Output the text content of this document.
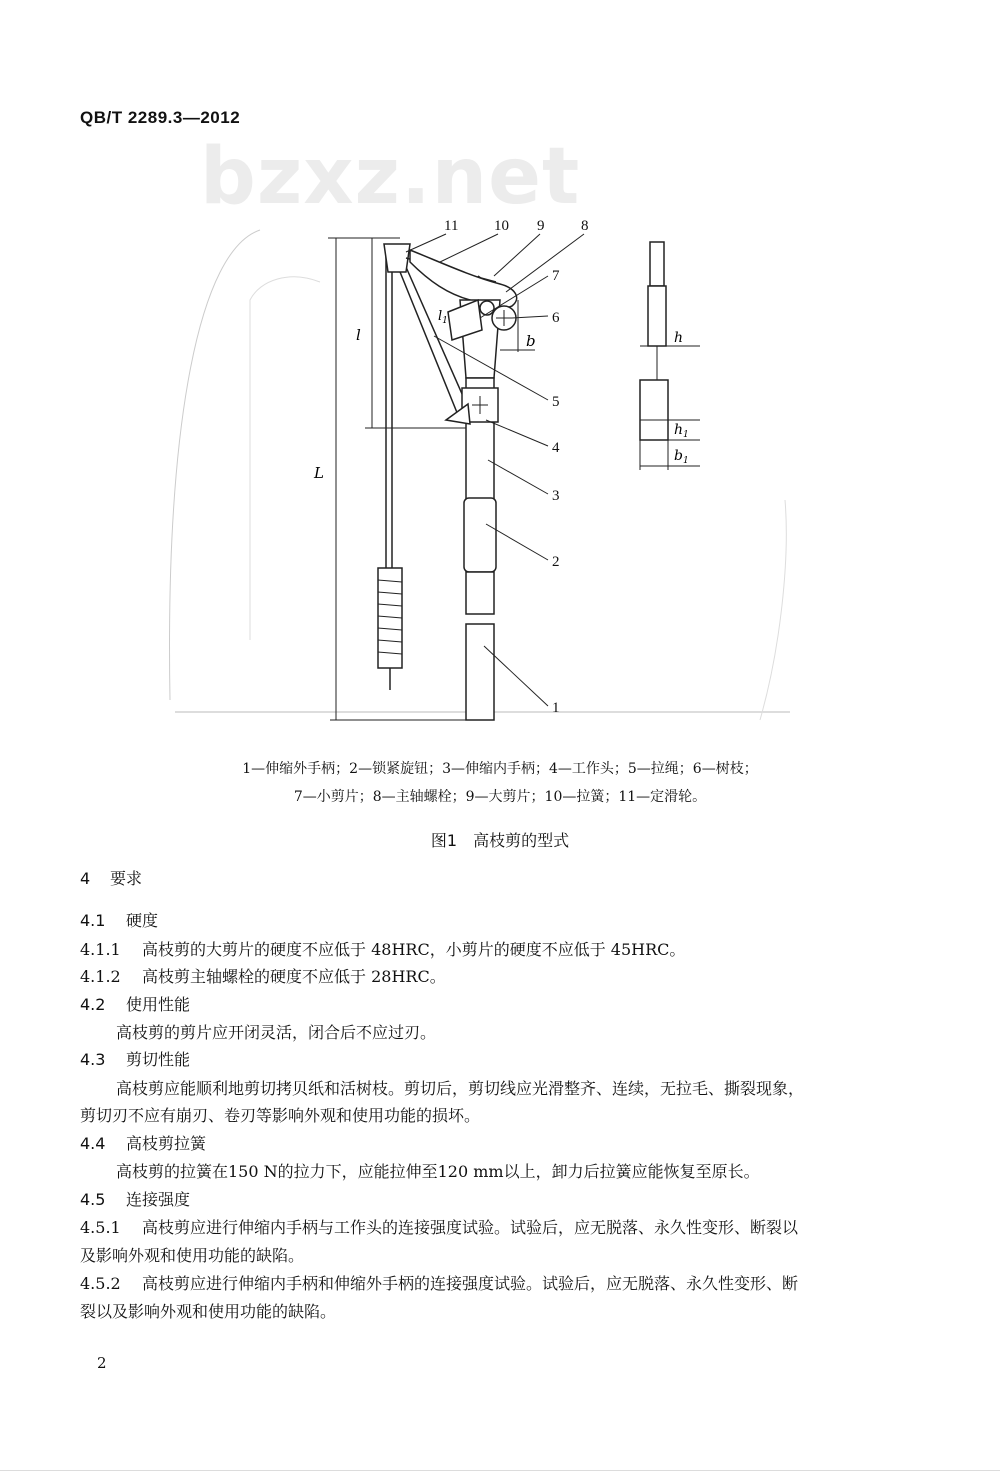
QB/T 2289.3—2012
bzxz.net
L
l	b
$l_1$
h
$h_1$
$b_1$
11 10 9 8
7
6
5
4
3
2
1
1—伸缩外手柄；2—锁紧旋钮；3—伸缩内手柄；4—工作头；5—拉绳；6—树枝；
7—小剪片；8—主轴螺栓；9—大剪片；10—拉簧；11—定滑轮。
图1　高枝剪的型式
4 要求
4.1 硬度
4.1.1 高枝剪的大剪片的硬度不应低于 48HRC，小剪片的硬度不应低于 45HRC。
4.1.2 高枝剪主轴螺栓的硬度不应低于 28HRC。
4.2 使用性能
高枝剪的剪片应开闭灵活，闭合后不应过刃。
4.3 剪切性能
高枝剪应能顺利地剪切拷贝纸和活树枝。剪切后，剪切线应光滑整齐、连续，无拉毛、撕裂现象，
剪切刃不应有崩刃、卷刃等影响外观和使用功能的损坏。
4.4 高枝剪拉簧
高枝剪的拉簧在150 N的拉力下，应能拉伸至120 mm以上，卸力后拉簧应能恢复至原长。
4.5 连接强度
4.5.1 高枝剪应进行伸缩内手柄与工作头的连接强度试验。试验后，应无脱落、永久性变形、断裂以
及影响外观和使用功能的缺陷。
4.5.2 高枝剪应进行伸缩内手柄和伸缩外手柄的连接强度试验。试验后，应无脱落、永久性变形、断
裂以及影响外观和使用功能的缺陷。
2
